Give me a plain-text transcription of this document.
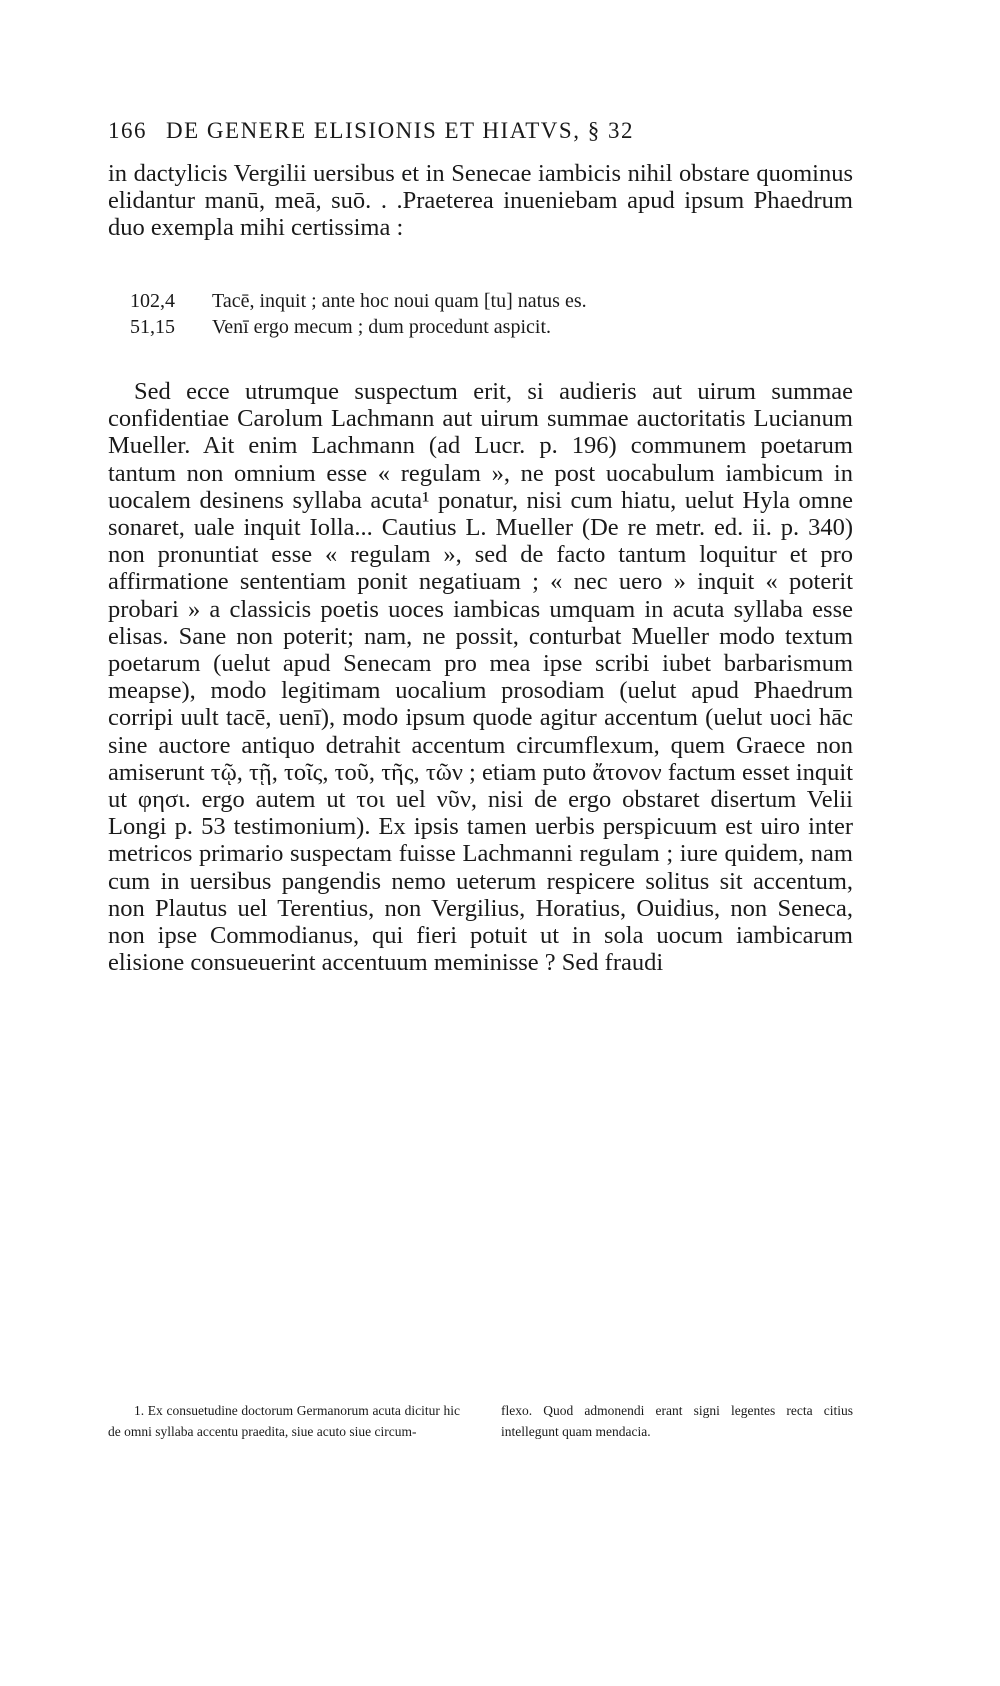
166 DE GENERE ELISIONIS ET HIATVS, § 32

in dactylicis Vergilii uersibus et in Senecae iambicis nihil obstare quominus elidantur manū, meā, suō. . .Praeterea inueniebam apud ipsum Phaedrum duo exempla mihi certissima :

102,4	Tacē, inquit ; ante hoc noui quam [tu] natus es.
51,15	Venī ergo mecum ; dum procedunt aspicit.

Sed ecce utrumque suspectum erit, si audieris aut uirum summae confidentiae Carolum Lachmann aut uirum summae auctoritatis Lucianum Mueller. Ait enim Lachmann (ad Lucr. p. 196) communem poetarum tantum non omnium esse « regulam », ne post uocabulum iambicum in uocalem desinens syllaba acuta¹ ponatur, nisi cum hiatu, uelut Hyla omne sonaret, uale inquit Iolla... Cautius L. Mueller (De re metr. ed. ii. p. 340) non pronuntiat esse « regulam », sed de facto tantum loquitur et pro affirmatione sententiam ponit negatiuam ; « nec uero » inquit « poterit probari » a classicis poetis uoces iambicas umquam in acuta syllaba esse elisas. Sane non poterit; nam, ne possit, conturbat Mueller modo textum poetarum (uelut apud Senecam pro mea ipse scribi iubet barbarismum meapse), modo legitimam uocalium prosodiam (uelut apud Phaedrum corripi uult tacē, uenī), modo ipsum quode agitur accentum (uelut uoci hāc sine auctore antiquo detrahit accentum circumflexum, quem Graece non amiserunt τῷ, τῇ, τοῖς, τοῦ, τῆς, τῶν ; etiam puto ἄτονον factum esset inquit ut φησι. ergo autem ut τοι uel νῦν, nisi de ergo obstaret disertum Velii Longi p. 53 testimonium). Ex ipsis tamen uerbis perspicuum est uiro inter metricos primario suspectam fuisse Lachmanni regulam ; iure quidem, nam cum in uersibus pangendis nemo ueterum respicere solitus sit accentum, non Plautus uel Terentius, non Vergilius, Horatius, Ouidius, non Seneca, non ipse Commodianus, qui fieri potuit ut in sola uocum iambicarum elisione consueuerint accentuum meminisse ? Sed fraudi

1. Ex consuetudine doctorum Germanorum acuta dicitur hic de omni syllaba accentu praedita, siue acuto siue circum-
flexo. Quod admonendi erant signi legentes recta citius intellegunt quam mendacia.
